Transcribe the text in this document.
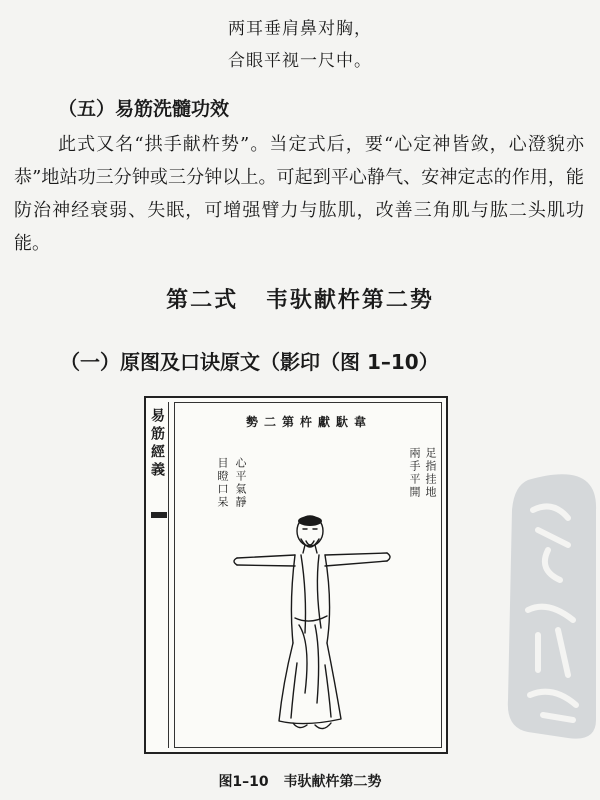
两耳垂肩鼻对胸，
合眼平视一尺中。
（五）易筋洗髓功效

此式又名“拱手献杵势”。当定式后，要“心定神皆敛，心澄貌亦恭”地站功三分钟或三分钟以上。可起到平心静气、安神定志的作用，能防治神经衰弱、失眠，可增强臂力与肱肌，改善三角肌与肱二头肌功能。

第二式 韦驮献杵第二势
（一）原图及口诀原文（影印（图 1–10）
易筋經義	韋馱獻杵第二勢
足指挂地
兩手平開
心平氣靜
目瞪口呆
图1–10 韦驮献杵第二势
